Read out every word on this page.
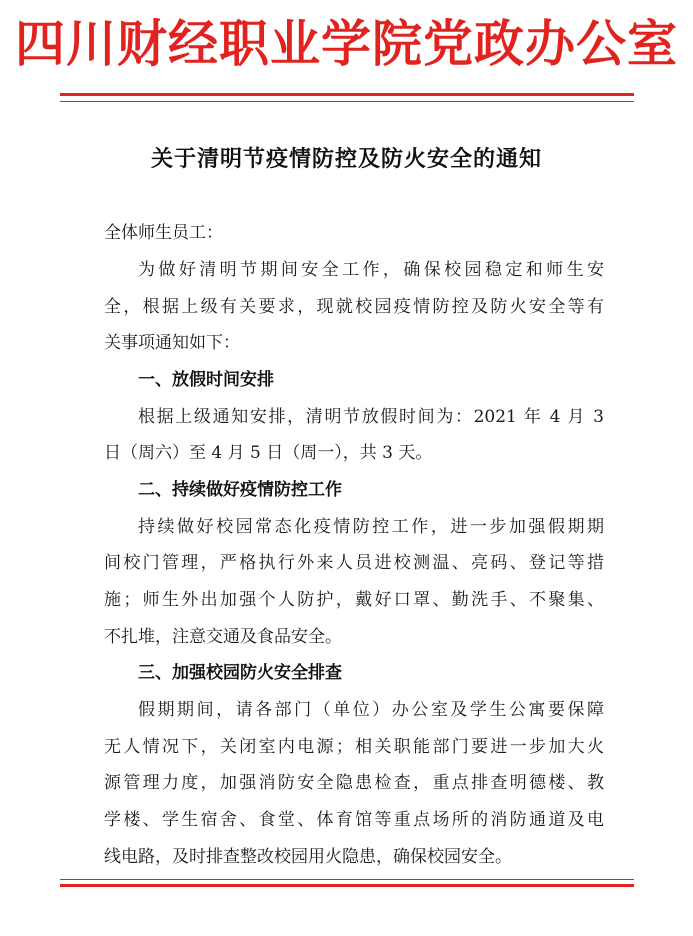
四川财经职业学院党政办公室
关于清明节疫情防控及防火安全的通知
全体师生员工：
为做好清明节期间安全工作，确保校园稳定和师生安
全，根据上级有关要求，现就校园疫情防控及防火安全等有
关事项通知如下：
一、放假时间安排
根据上级通知安排，清明节放假时间为：2021 年 4 月 3
日（周六）至 4 月 5 日（周一），共 3 天。
二、持续做好疫情防控工作
持续做好校园常态化疫情防控工作，进一步加强假期期
间校门管理，严格执行外来人员进校测温、亮码、登记等措
施；师生外出加强个人防护，戴好口罩、勤洗手、不聚集、
不扎堆，注意交通及食品安全。
三、加强校园防火安全排查
假期期间，请各部门（单位）办公室及学生公寓要保障
无人情况下，关闭室内电源；相关职能部门要进一步加大火
源管理力度，加强消防安全隐患检查，重点排查明德楼、教
学楼、学生宿舍、食堂、体育馆等重点场所的消防通道及电
线电路，及时排查整改校园用火隐患，确保校园安全。
